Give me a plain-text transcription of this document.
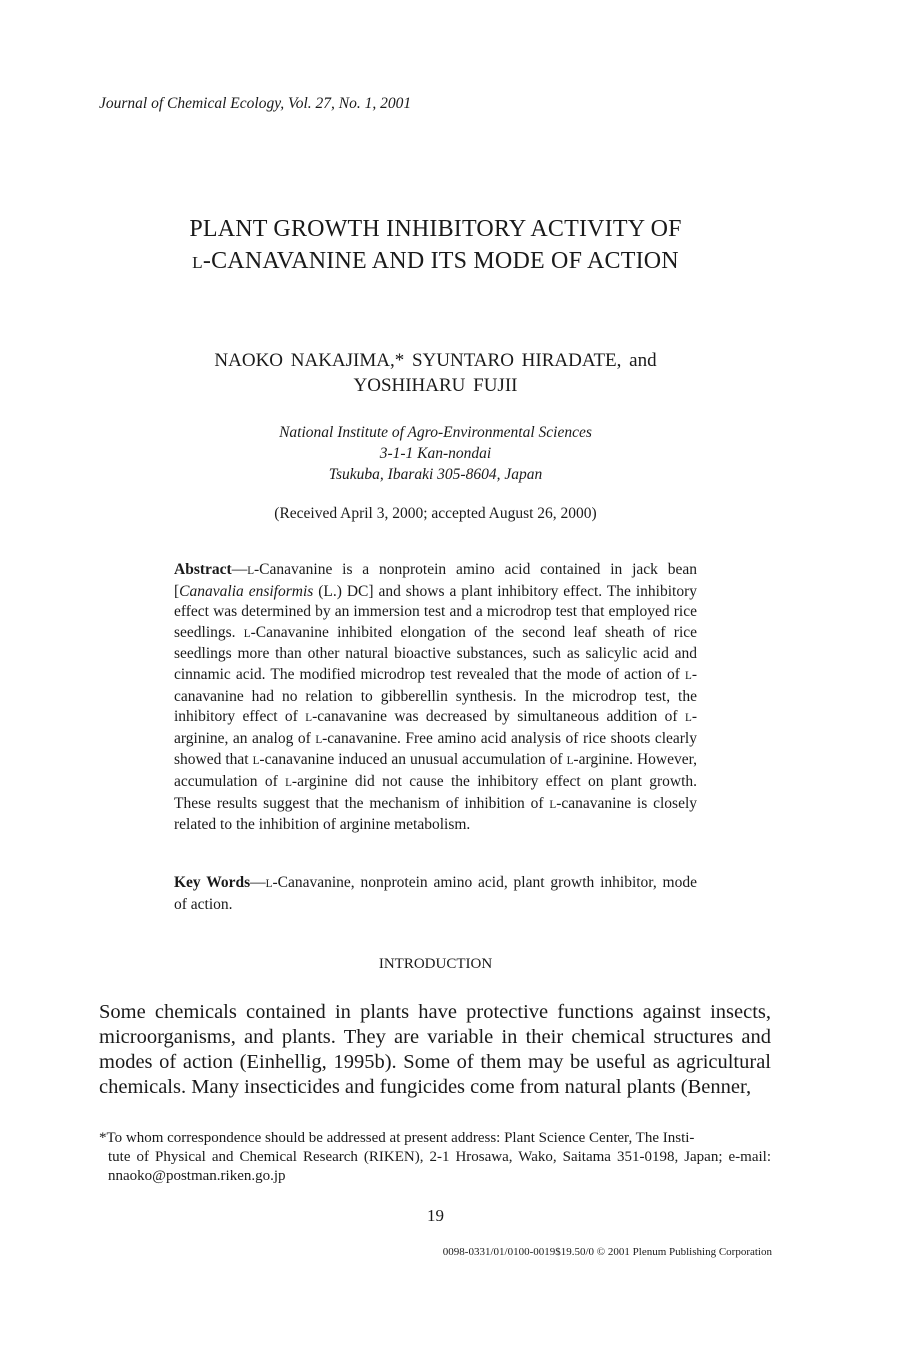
Journal of Chemical Ecology, Vol. 27, No. 1, 2001
PLANT GROWTH INHIBITORY ACTIVITY OF
L-CANAVANINE AND ITS MODE OF ACTION
NAOKO NAKAJIMA,* SYUNTARO HIRADATE, and
YOSHIHARU FUJII
National Institute of Agro-Environmental Sciences
3-1-1 Kan-nondai
Tsukuba, Ibaraki 305-8604, Japan
(Received April 3, 2000; accepted August 26, 2000)
Abstract—L-Canavanine is a nonprotein amino acid contained in jack bean [Canavalia ensiformis (L.) DC] and shows a plant inhibitory effect. The inhibitory effect was determined by an immersion test and a microdrop test that employed rice seedlings. L-Canavanine inhibited elongation of the second leaf sheath of rice seedlings more than other natural bioactive substances, such as salicylic acid and cinnamic acid. The modified microdrop test revealed that the mode of action of L-canavanine had no relation to gibberellin synthesis. In the microdrop test, the inhibitory effect of L-canavanine was decreased by simultaneous addition of L-arginine, an analog of L-canavanine. Free amino acid analysis of rice shoots clearly showed that L-canavanine induced an unusual accumulation of L-arginine. However, accumulation of L-arginine did not cause the inhibitory effect on plant growth. These results suggest that the mechanism of inhibition of L-canavanine is closely related to the inhibition of arginine metabolism.
Key Words—L-Canavanine, nonprotein amino acid, plant growth inhibitor, mode of action.
INTRODUCTION
Some chemicals contained in plants have protective functions against insects, microorganisms, and plants. They are variable in their chemical structures and modes of action (Einhellig, 1995b). Some of them may be useful as agricultural chemicals. Many insecticides and fungicides come from natural plants (Benner,
*To whom correspondence should be addressed at present address: Plant Science Center, The Insti-
tute of Physical and Chemical Research (RIKEN), 2-1 Hrosawa, Wako, Saitama 351-0198, Japan; e-mail: nnaoko@postman.riken.go.jp
19
0098-0331/01/0100-0019$19.50/0 © 2001 Plenum Publishing Corporation
